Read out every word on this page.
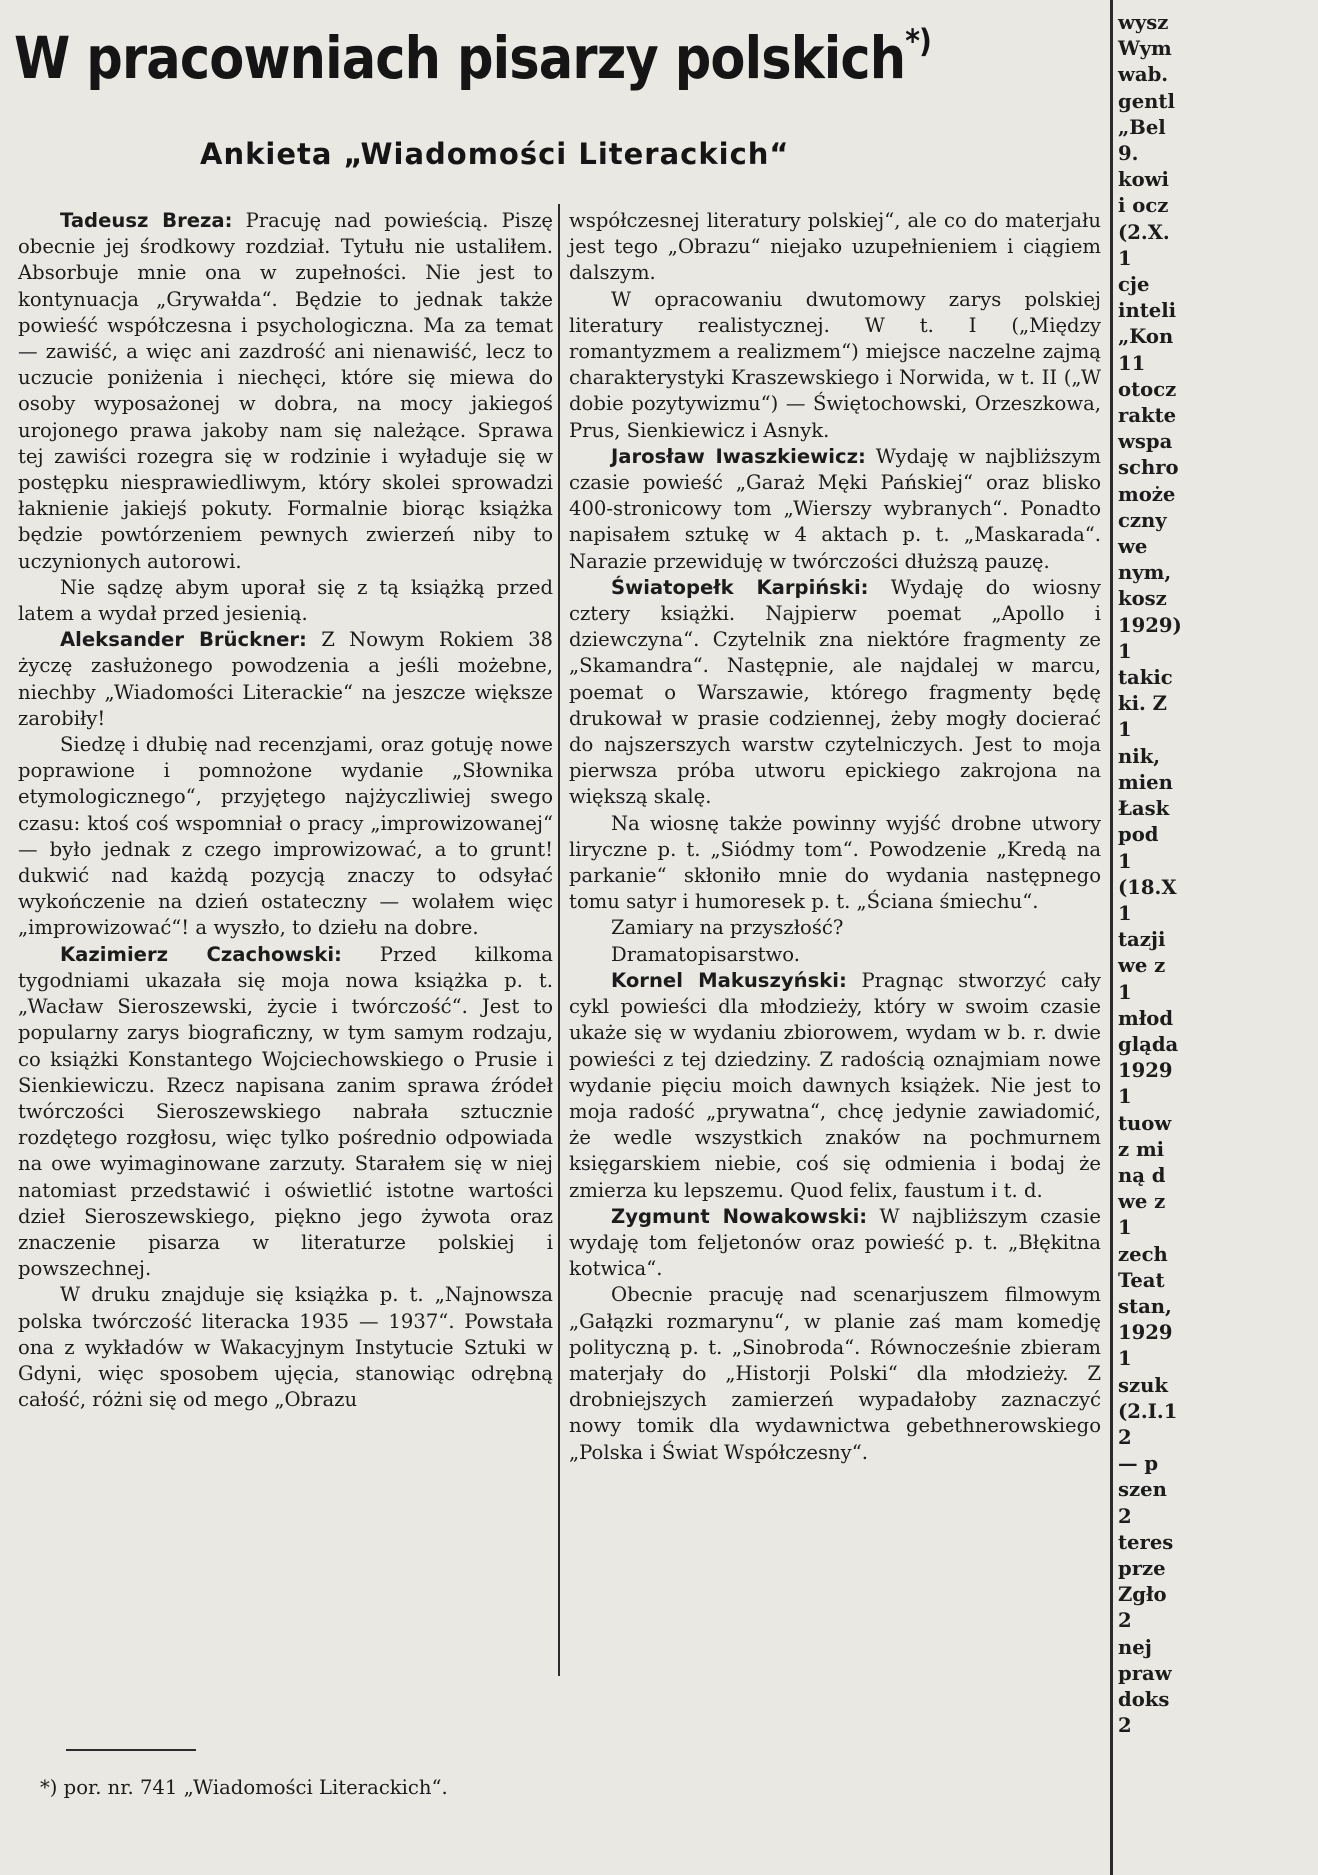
W pracowniach pisarzy polskich*)
Ankieta „Wiadomości Literackich“

Tadeusz Breza: Pracuję nad powieścią. Piszę obecnie jej środkowy rozdział. Tytułu nie ustaliłem. Absorbuje mnie ona w zupełności. Nie jest to kontynuacja „Grywałda“. Będzie to jednak także powieść współczesna i psychologiczna. Ma za temat — zawiść, a więc ani zazdrość ani nienawiść, lecz to uczucie poniżenia i niechęci, które się miewa do osoby wyposażonej w dobra, na mocy jakiegoś urojonego prawa jakoby nam się należące. Sprawa tej zawiści rozegra się w rodzinie i wyładuje się w postępku niesprawiedliwym, który skolei sprowadzi łaknienie jakiejś pokuty. Formalnie biorąc książka będzie powtórzeniem pewnych zwierzeń niby to uczynionych autorowi.

Nie sądzę abym uporał się z tą książką przed latem a wydał przed jesienią.

Aleksander Brückner: Z Nowym Rokiem 38 życzę zasłużonego powodzenia a jeśli możebne, niechby „Wiadomości Literackie“ na jeszcze większe zarobiły!

Siedzę i dłubię nad recenzjami, oraz gotuję nowe poprawione i pomnożone wydanie „Słownika etymologicznego“, przyjętego najżyczliwiej swego czasu: ktoś coś wspomniał o pracy „improwizowanej“ — było jednak z czego improwizować, a to grunt! dukwić nad każdą pozycją znaczy to odsyłać wykończenie na dzień ostateczny — wolałem więc „improwizować“! a wyszło, to dziełu na dobre.

Kazimierz Czachowski: Przed kilkoma tygodniami ukazała się moja nowa książka p. t. „Wacław Sieroszewski, życie i twórczość“. Jest to popularny zarys biograficzny, w tym samym rodzaju, co książki Konstantego Wojciechowskiego o Prusie i Sienkiewiczu. Rzecz napisana zanim sprawa źródeł twórczości Sieroszewskiego nabrała sztucznie rozdętego rozgłosu, więc tylko pośrednio odpowiada na owe wyimaginowane zarzuty. Starałem się w niej natomiast przedstawić i oświetlić istotne wartości dzieł Sieroszewskiego, piękno jego żywota oraz znaczenie pisarza w literaturze polskiej i powszechnej.

W druku znajduje się książka p. t. „Najnowsza polska twórczość literacka 1935 — 1937“. Powstała ona z wykładów w Wakacyjnym Instytucie Sztuki w Gdyni, więc sposobem ujęcia, stanowiąc odrębną całość, różni się od mego „Obrazu

współczesnej literatury polskiej“, ale co do materjału jest tego „Obrazu“ niejako uzupełnieniem i ciągiem dalszym.

W opracowaniu dwutomowy zarys polskiej literatury realistycznej. W t. I („Między romantyzmem a realizmem“) miejsce naczelne zajmą charakterystyki Kraszewskiego i Norwida, w t. II („W dobie pozytywizmu“) — Świętochowski, Orzeszkowa, Prus, Sienkiewicz i Asnyk.

Jarosław Iwaszkiewicz: Wydaję w najbliższym czasie powieść „Garaż Męki Pańskiej“ oraz blisko 400-stronicowy tom „Wierszy wybranych“. Ponadto napisałem sztukę w 4 aktach p. t. „Maskarada“. Narazie przewiduję w twórczości dłuższą pauzę.

Światopełk Karpiński: Wydaję do wiosny cztery książki. Najpierw poemat „Apollo i dziewczyna“. Czytelnik zna niektóre fragmenty ze „Skamandra“. Następnie, ale najdalej w marcu, poemat o Warszawie, którego fragmenty będę drukował w prasie codziennej, żeby mogły docierać do najszerszych warstw czytelniczych. Jest to moja pierwsza próba utworu epickiego zakrojona na większą skalę.

Na wiosnę także powinny wyjść drobne utwory liryczne p. t. „Siódmy tom“. Powodzenie „Kredą na parkanie“ skłoniło mnie do wydania następnego tomu satyr i humoresek p. t. „Ściana śmiechu“.

Zamiary na przyszłość?

Dramatopisarstwo.

Kornel Makuszyński: Pragnąc stworzyć cały cykl powieści dla młodzieży, który w swoim czasie ukaże się w wydaniu zbiorowem, wydam w b. r. dwie powieści z tej dziedziny. Z radością oznajmiam nowe wydanie pięciu moich dawnych książek. Nie jest to moja radość „prywatna“, chcę jedynie zawiadomić, że wedle wszystkich znaków na pochmurnem księgarskiem niebie, coś się odmienia i bodaj że zmierza ku lepszemu. Quod felix, faustum i t. d.

Zygmunt Nowakowski: W najbliższym czasie wydaję tom feljetonów oraz powieść p. t. „Błękitna kotwica“.

Obecnie pracuję nad scenarjuszem filmowym „Gałązki rozmarynu“, w planie zaś mam komedję polityczną p. t. „Sinobroda“. Równocześnie zbieram materjały do „Historji Polski“ dla młodzieży. Z drobniejszych zamierzeń wypadałoby zaznaczyć nowy tomik dla wydawnictwa gebethnerowskiego „Polska i Świat Współczesny“.

*) por. nr. 741 „Wiadomości Literackich“.
wysz
Wym
wab.
gentl
„Bel
9.
kowi
i ocz
(2.X.
1
cje
inteli
„Kon
11
otocz
rakte
wspa
schro
może
czny
we
nym,
kosz
1929)
1
takic
ki. Z
1
nik,
mien
Łask
pod
1
(18.X
1
tazji
we z
1
młod
gląda
1929
1
tuow
z mi
ną d
we z
1
zech
Teat
stan,
1929
1
szuk
(2.I.1
2
— p
szen
2
teres
prze
Zgło
2
nej
praw
doks
2
